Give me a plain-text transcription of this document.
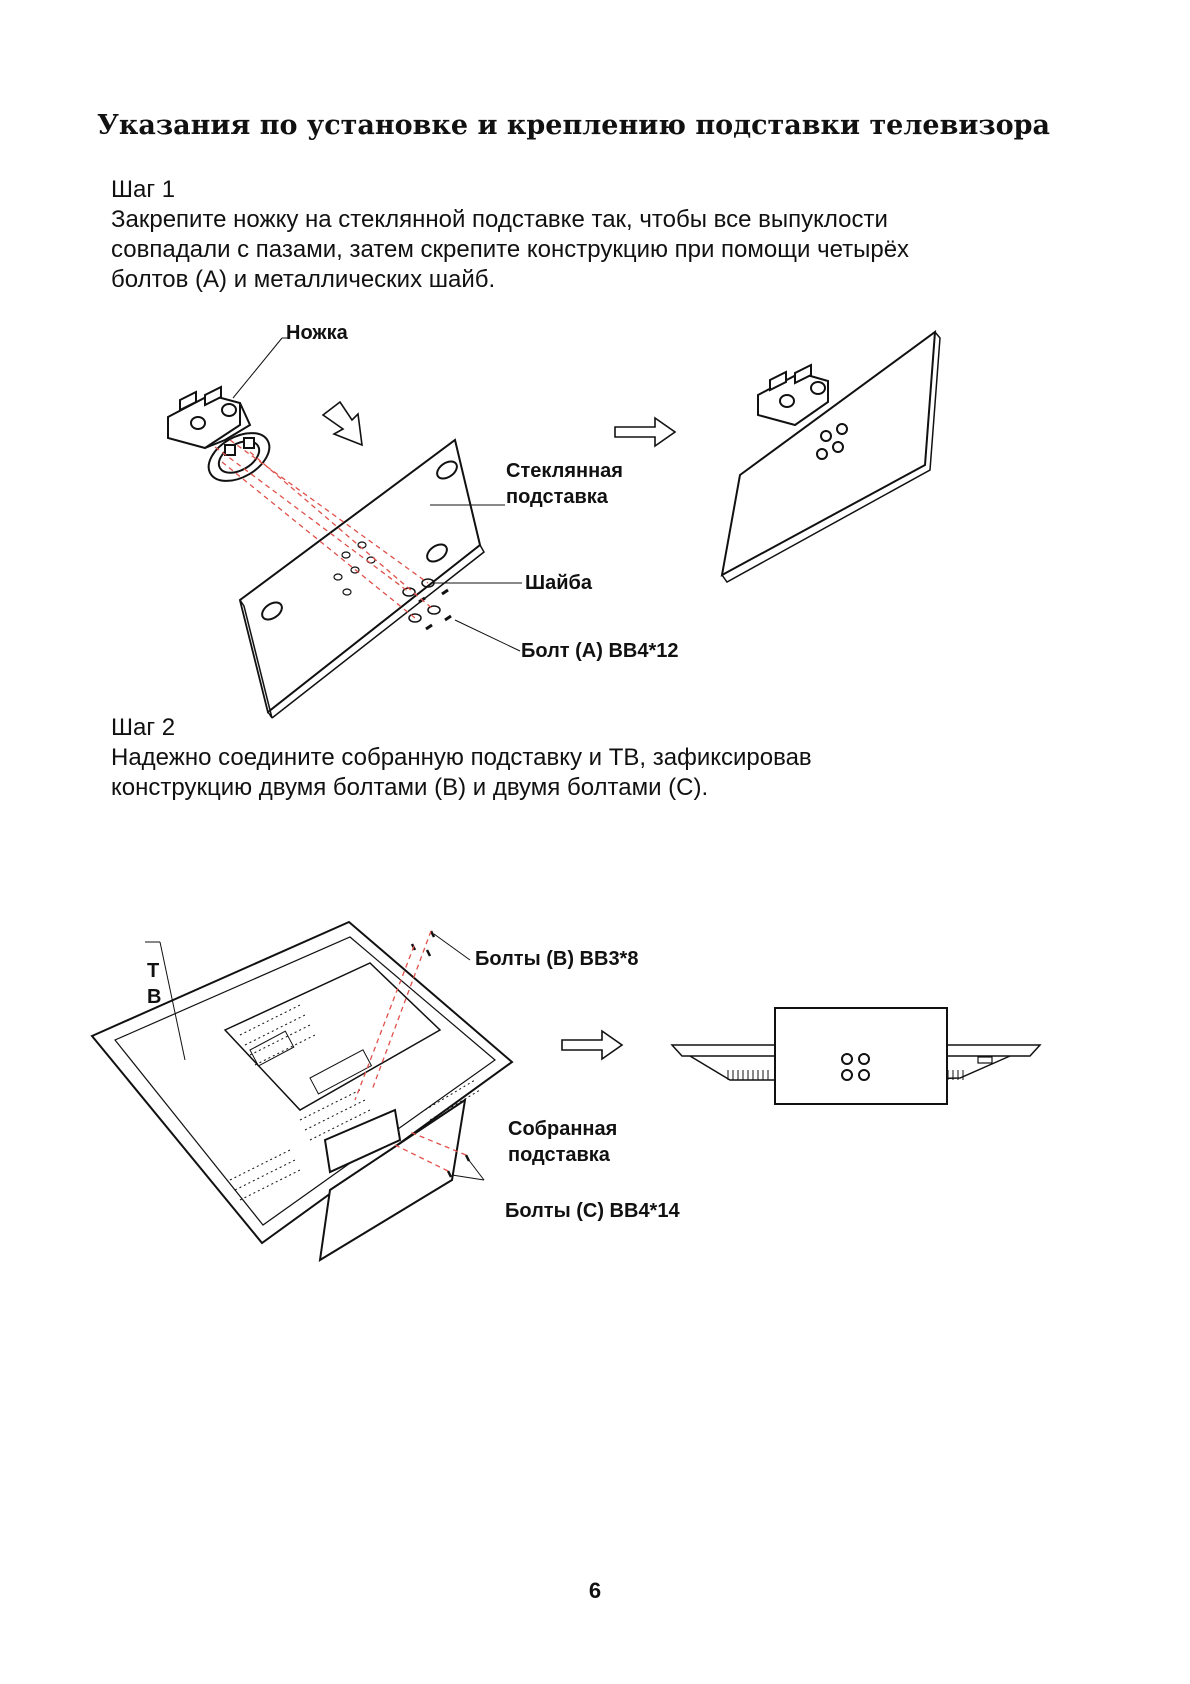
Указания по установке и креплению подставки телевизора

Шаг 1

Закрепите ножку на стеклянной подставке так, чтобы все выпуклости

совпадали с пазами, затем скрепите конструкцию при помощи четырёх

болтов (А) и металлических шайб.

Ножка
Стеклянная
подставка
Шайба
Болт (A) BB4*12

Шаг 2

Надежно соедините собранную подставку и ТВ, зафиксировав

конструкцию двумя болтами (B) и двумя болтами (C).

Т
В
Болты (B) BB3*8
Собранная
подставка
Болты (C) BB4*14
6
